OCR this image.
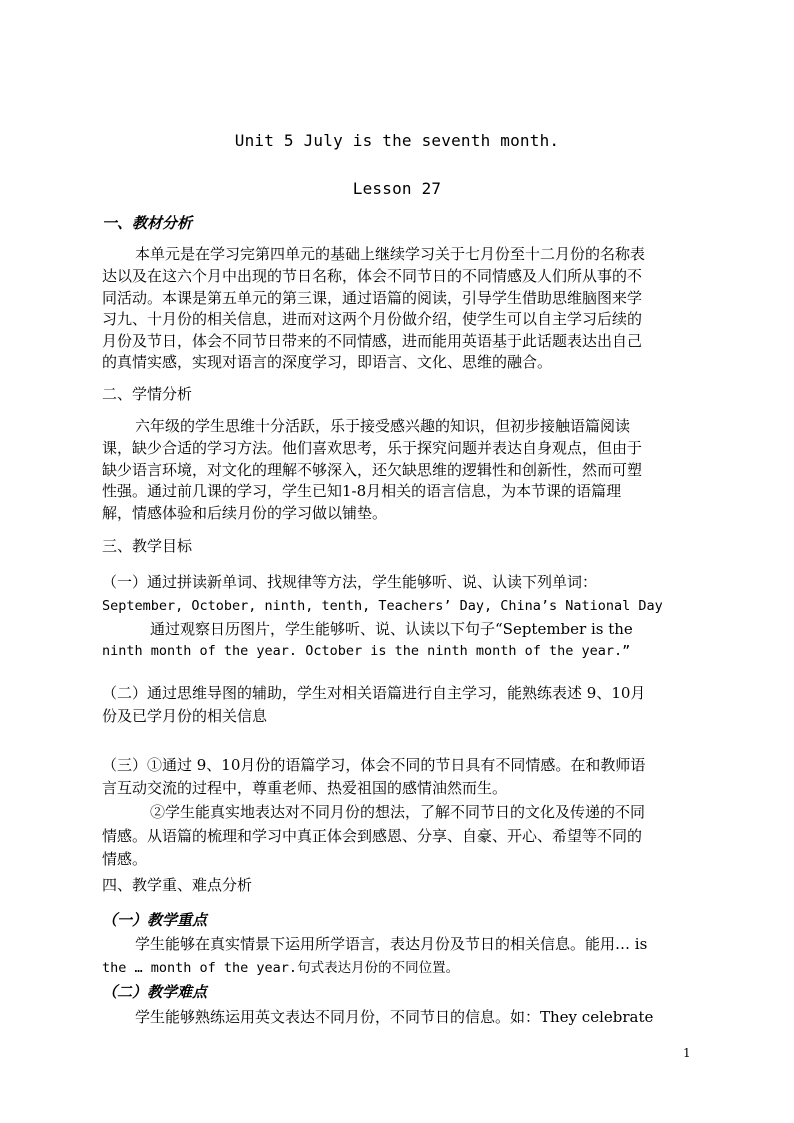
Unit 5 July is the seventh month.
Lesson 27
一、教材分析
本单元是在学习完第四单元的基础上继续学习关于七月份至十二月份的名称表
达以及在这六个月中出现的节日名称，体会不同节日的不同情感及人们所从事的不
同活动。本课是第五单元的第三课，通过语篇的阅读，引导学生借助思维脑图来学
习九、十月份的相关信息，进而对这两个月份做介绍，使学生可以自主学习后续的
月份及节日，体会不同节日带来的不同情感，进而能用英语基于此话题表达出自己
的真情实感，实现对语言的深度学习，即语言、文化、思维的融合。
二、学情分析
六年级的学生思维十分活跃，乐于接受感兴趣的知识，但初步接触语篇阅读
课，缺少合适的学习方法。他们喜欢思考，乐于探究问题并表达自身观点，但由于
缺少语言环境，对文化的理解不够深入，还欠缺思维的逻辑性和创新性，然而可塑
性强。通过前几课的学习，学生已知1-8月相关的语言信息，为本节课的语篇理
解，情感体验和后续月份的学习做以铺垫。
三、教学目标
（一）通过拼读新单词、找规律等方法，学生能够听、说、认读下列单词：
September, October, ninth, tenth, Teachers’ Day, China’s National Day
通过观察日历图片，学生能够听、说、认读以下句子“September is the
ninth month of the year. October is the ninth month of the year.”
（二）通过思维导图的辅助，学生对相关语篇进行自主学习，能熟练表述 9、10月
份及已学月份的相关信息
（三）①通过 9、10月份的语篇学习，体会不同的节日具有不同情感。在和教师语
言互动交流的过程中，尊重老师、热爱祖国的感情油然而生。
②学生能真实地表达对不同月份的想法，了解不同节日的文化及传递的不同
情感。从语篇的梳理和学习中真正体会到感恩、分享、自豪、开心、希望等不同的
情感。
四、教学重、难点分析
（一）教学重点
学生能够在真实情景下运用所学语言，表达月份及节日的相关信息。能用… is
the … month of the year.句式表达月份的不同位置。
（二）教学难点
学生能够熟练运用英文表达不同月份，不同节日的信息。如：They celebrate
1
